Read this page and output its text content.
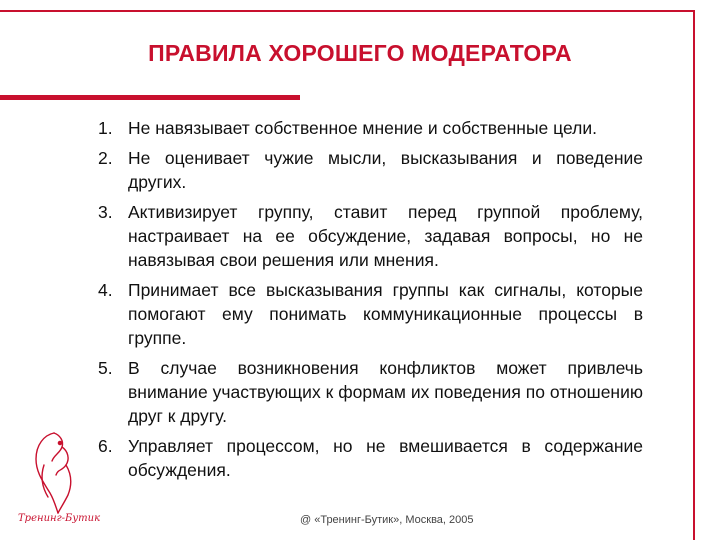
ПРАВИЛА ХОРОШЕГО МОДЕРАТОРА
1. Не навязывает собственное мнение и собственные цели.
2. Не оценивает чужие мысли, высказывания и поведение других.
3. Активизирует группу, ставит перед группой проблему, настраивает на ее обсуждение, задавая вопросы, но не навязывая свои решения или мнения.
4. Принимает все высказывания группы как сигналы, которые помогают ему понимать коммуникационные процессы в группе.
5. В случае возникновения конфликтов может привлечь внимание участвующих к формам их поведения по отношению друг к другу.
6. Управляет процессом, но не вмешивается в содержание обсуждения.
Тренинг-Бутик	@ «Тренинг-Бутик», Москва, 2005
